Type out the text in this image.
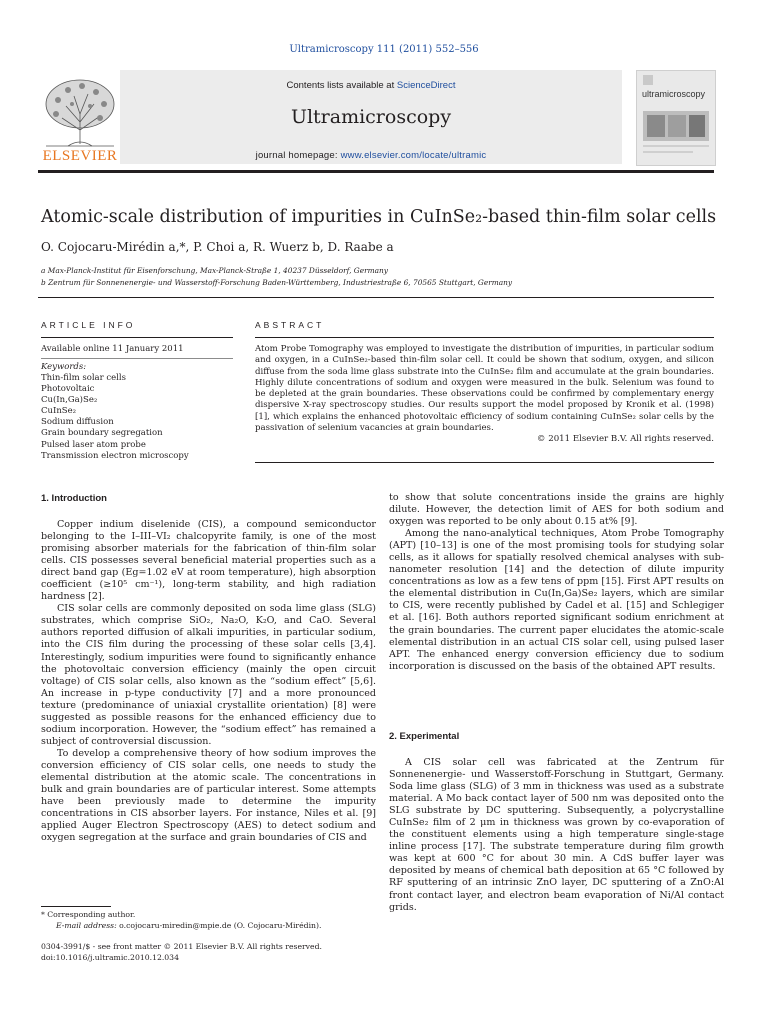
Ultramicroscopy 111 (2011) 552–556
ELSEVIER
Contents lists available at ScienceDirect
Ultramicroscopy
journal homepage: www.elsevier.com/locate/ultramic
ultramicroscopy
Atomic-scale distribution of impurities in CuInSe₂-based thin-film solar cells
O. Cojocaru-Mirédin a,*, P. Choi a, R. Wuerz b, D. Raabe a
a Max-Planck-Institut für Eisenforschung, Max-Planck-Straße 1, 40237 Düsseldorf, Germany
b Zentrum für Sonnenenergie- und Wasserstoff-Forschung Baden-Württemberg, Industriestraße 6, 70565 Stuttgart, Germany
ARTICLE INFO	ABSTRACT
Available online 11 January 2011
Keywords:
Thin-film solar cells
Photovoltaic
Cu(In,Ga)Se₂
CuInSe₂
Sodium diffusion
Grain boundary segregation
Pulsed laser atom probe
Transmission electron microscopy

Atom Probe Tomography was employed to investigate the distribution of impurities, in particular sodium and oxygen, in a CuInSe₂-based thin-film solar cell. It could be shown that sodium, oxygen, and silicon diffuse from the soda lime glass substrate into the CuInSe₂ film and accumulate at the grain boundaries. Highly dilute concentrations of sodium and oxygen were measured in the bulk. Selenium was found to be depleted at the grain boundaries. These observations could be confirmed by complementary energy dispersive X-ray spectroscopy studies. Our results support the model proposed by Kronik et al. (1998) [1], which explains the enhanced photovoltaic efficiency of sodium containing CuInSe₂ solar cells by the passivation of selenium vacancies at grain boundaries.

© 2011 Elsevier B.V. All rights reserved.
1. Introduction

Copper indium diselenide (CIS), a compound semiconductor belonging to the I–III–VI₂ chalcopyrite family, is one of the most promising absorber materials for the fabrication of thin-film solar cells. CIS possesses several beneficial material properties such as a direct band gap (Eg=1.02 eV at room temperature), high absorption coefficient (≥10⁵ cm⁻¹), long-term stability, and high radiation hardness [2].

CIS solar cells are commonly deposited on soda lime glass (SLG) substrates, which comprise SiO₂, Na₂O, K₂O, and CaO. Several authors reported diffusion of alkali impurities, in particular sodium, into the CIS film during the processing of these solar cells [3,4]. Interestingly, sodium impurities were found to significantly enhance the photovoltaic conversion efficiency (mainly the open circuit voltage) of CIS solar cells, also known as the “sodium effect” [5,6]. An increase in p-type conductivity [7] and a more pronounced texture (predominance of uniaxial crystallite orientation) [8] were suggested as possible reasons for the enhanced efficiency due to sodium incorporation. However, the “sodium effect” has remained a subject of controversial discussion.

To develop a comprehensive theory of how sodium improves the conversion efficiency of CIS solar cells, one needs to study the elemental distribution at the atomic scale. The concentrations in bulk and grain boundaries are of particular interest. Some attempts have been previously made to determine the impurity concentrations in CIS absorber layers. For instance, Niles et al. [9] applied Auger Electron Spectroscopy (AES) to detect sodium and oxygen segregation at the surface and grain boundaries of CIS and

to show that solute concentrations inside the grains are highly dilute. However, the detection limit of AES for both sodium and oxygen was reported to be only about 0.15 at% [9].

Among the nano-analytical techniques, Atom Probe Tomography (APT) [10–13] is one of the most promising tools for studying solar cells, as it allows for spatially resolved chemical analyses with sub-nanometer resolution [14] and the detection of dilute impurity concentrations as low as a few tens of ppm [15]. First APT results on the elemental distribution in Cu(In,Ga)Se₂ layers, which are similar to CIS, were recently published by Cadel et al. [15] and Schlegiger et al. [16]. Both authors reported significant sodium enrichment at the grain boundaries. The current paper elucidates the atomic-scale elemental distribution in an actual CIS solar cell, using pulsed laser APT. The enhanced energy conversion efficiency due to sodium incorporation is discussed on the basis of the obtained APT results.

2. Experimental

A CIS solar cell was fabricated at the Zentrum für Sonnenenergie- und Wasserstoff-Forschung in Stuttgart, Germany. Soda lime glass (SLG) of 3 mm in thickness was used as a substrate material. A Mo back contact layer of 500 nm was deposited onto the SLG substrate by DC sputtering. Subsequently, a polycrystalline CuInSe₂ film of 2 μm in thickness was grown by co-evaporation of the constituent elements using a high temperature single-stage inline process [17]. The substrate temperature during film growth was kept at 600 °C for about 30 min. A CdS buffer layer was deposited by means of chemical bath deposition at 65 °C followed by RF sputtering of an intrinsic ZnO layer, DC sputtering of a ZnO:Al front contact layer, and electron beam evaporation of Ni/Al contact grids.

* Corresponding author.
E-mail address: o.cojocaru-miredin@mpie.de (O. Cojocaru-Mirédin).
0304-3991/$ - see front matter © 2011 Elsevier B.V. All rights reserved.
doi:10.1016/j.ultramic.2010.12.034
